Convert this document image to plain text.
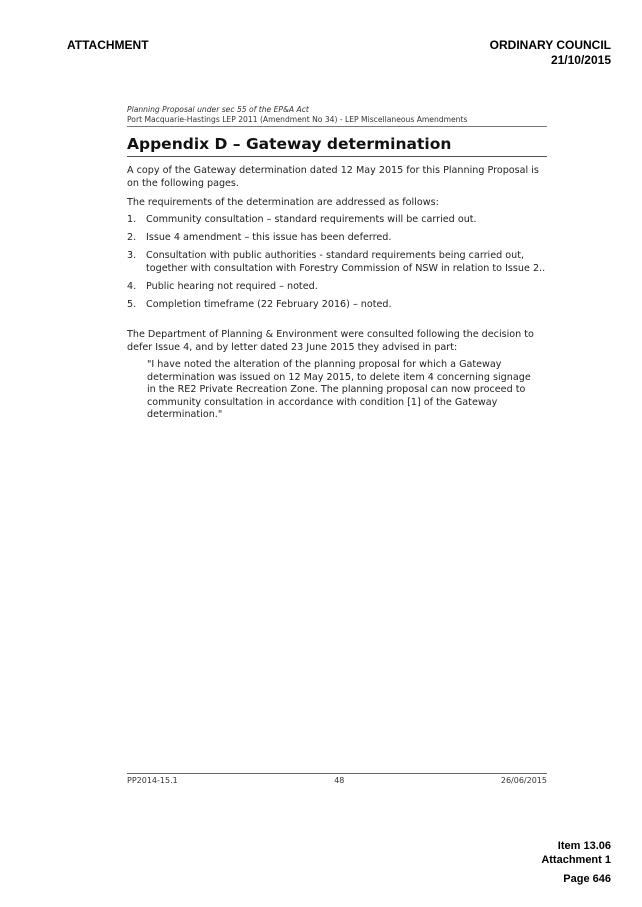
ATTACHMENT	ORDINARY COUNCIL
21/10/2015
Planning Proposal under sec 55 of the EP&A Act
Port Macquarie-Hastings LEP 2011 (Amendment No 34) - LEP Miscellaneous Amendments
Appendix D – Gateway determination
A copy of the Gateway determination dated 12 May 2015 for this Planning Proposal is on the following pages.
The requirements of the determination are addressed as follows:
1.	Community consultation – standard requirements will be carried out.
2.	Issue 4 amendment – this issue has been deferred.
3.	Consultation with public authorities - standard requirements being carried out, together with consultation with Forestry Commission of NSW in relation to Issue 2..
4.	Public hearing not required – noted.
5.	Completion timeframe (22 February 2016) – noted.
The Department of Planning & Environment were consulted following the decision to defer Issue 4, and by letter dated 23 June 2015 they advised in part:
"I have noted the alteration of the planning proposal for which a Gateway determination was issued on 12 May 2015, to delete item 4 concerning signage in the RE2 Private Recreation Zone. The planning proposal can now proceed to community consultation in accordance with condition [1] of the Gateway determination."
PP2014-15.1	48	26/06/2015
Item 13.06
Attachment 1
Page 646
